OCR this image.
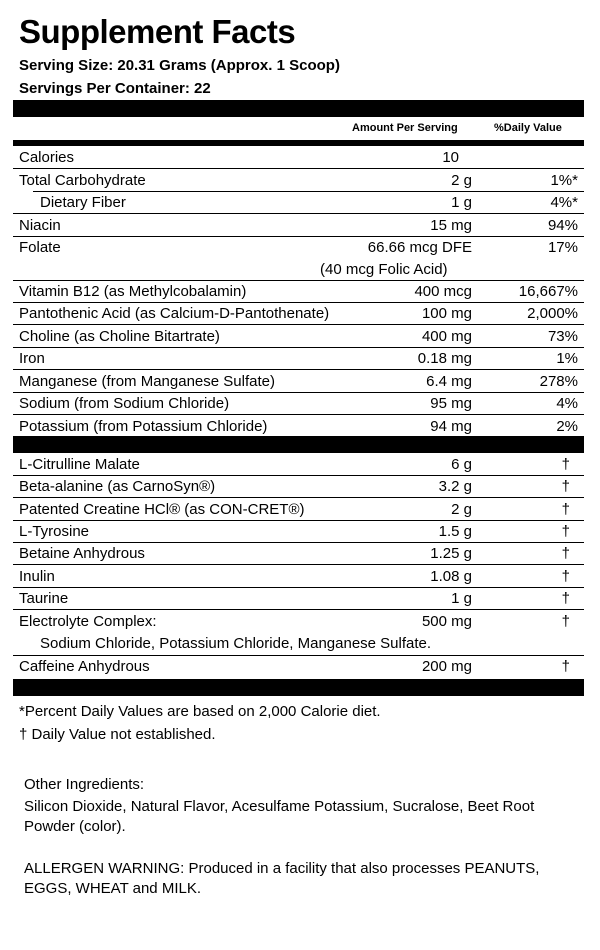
Supplement Facts
Serving Size: 20.31 Grams (Approx. 1 Scoop)
Servings Per Container: 22
Amount Per Serving	%Daily Value
Calories	10
Total Carbohydrate	2 g	1%*
Dietary Fiber	1 g	4%*
Niacin	15 mg	94%
Folate	66.66 mcg DFE	17%
(40 mcg Folic Acid)
Vitamin B12 (as Methylcobalamin)	400 mcg	16,667%
Pantothenic Acid (as Calcium-D-Pantothenate)	100 mg	2,000%
Choline (as Choline Bitartrate)	400 mg	73%
Iron	0.18 mg	1%
Manganese (from Manganese Sulfate)	6.4 mg	278%
Sodium (from Sodium Chloride)	95 mg	4%
Potassium (from Potassium Chloride)	94 mg	2%
L-Citrulline Malate	6 g	†
Beta-alanine (as CarnoSyn®)	3.2 g	†
Patented Creatine HCl® (as CON-CRET®)	2 g	†
L-Tyrosine	1.5 g	†
Betaine Anhydrous	1.25 g	†
Inulin	1.08 g	†
Taurine	1 g	†
Electrolyte Complex:	500 mg	†
Sodium Chloride, Potassium Chloride, Manganese Sulfate.
Caffeine Anhydrous	200 mg	†
*Percent Daily Values are based on 2,000 Calorie diet.
† Daily Value not established.
Other Ingredients:
Silicon Dioxide, Natural Flavor, Acesulfame Potassium, Sucralose, Beet Root Powder (color).
ALLERGEN WARNING: Produced in a facility that also processes PEANUTS, EGGS, WHEAT and MILK.
